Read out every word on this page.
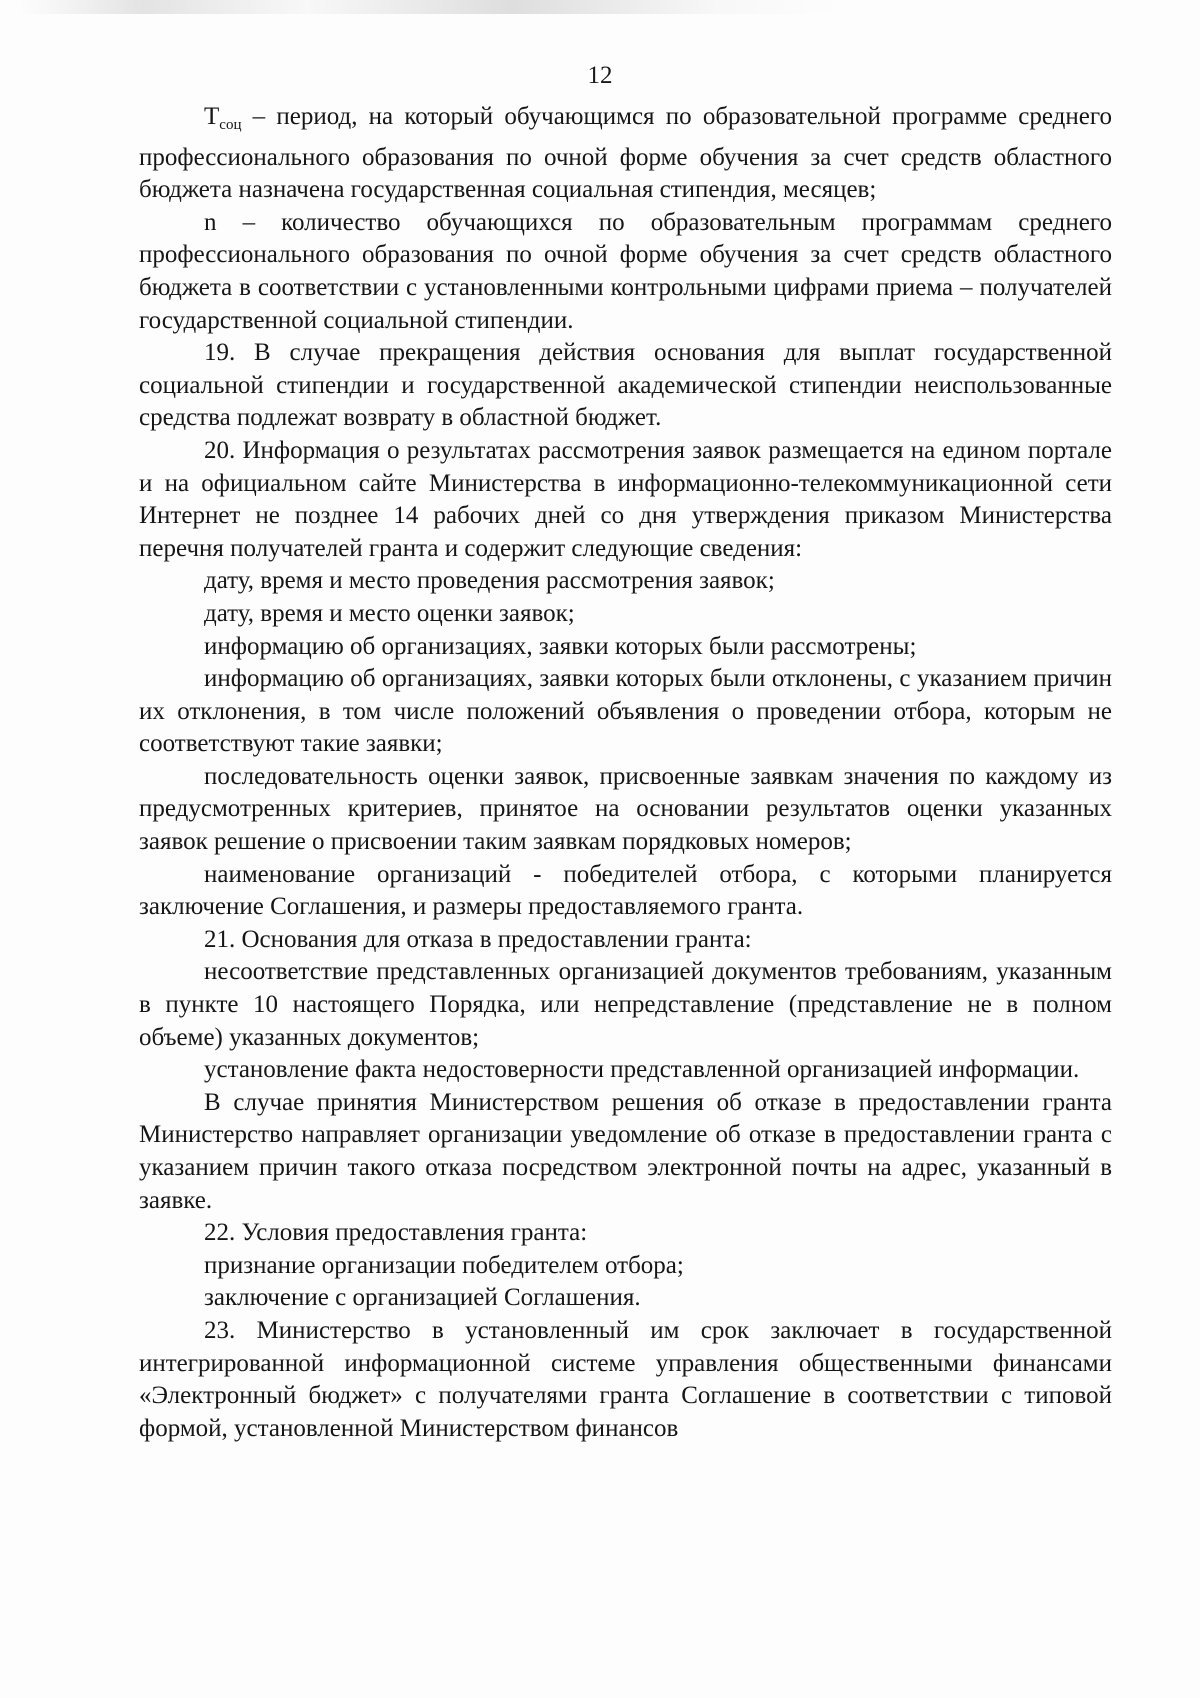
12

$T_{соц}$ – период, на который обучающимся по образовательной программе среднего профессионального образования по очной форме обучения за счет средств областного бюджета назначена государственная социальная стипендия, месяцев;

n – количество обучающихся по образовательным программам среднего профессионального образования по очной форме обучения за счет средств областного бюджета в соответствии с установленными контрольными цифрами приема – получателей государственной социальной стипендии.

19. В случае прекращения действия основания для выплат государственной социальной стипендии и государственной академической стипендии неиспользованные средства подлежат возврату в областной бюджет.

20. Информация о результатах рассмотрения заявок размещается на едином портале и на официальном сайте Министерства в информационно-телекоммуникационной сети Интернет не позднее 14 рабочих дней со дня утверждения приказом Министерства перечня получателей гранта и содержит следующие сведения:

дату, время и место проведения рассмотрения заявок;

дату, время и место оценки заявок;

информацию об организациях, заявки которых были рассмотрены;

информацию об организациях, заявки которых были отклонены, с указанием причин их отклонения, в том числе положений объявления о проведении отбора, которым не соответствуют такие заявки;

последовательность оценки заявок, присвоенные заявкам значения по каждому из предусмотренных критериев, принятое на основании результатов оценки указанных заявок решение о присвоении таким заявкам порядковых номеров;

наименование организаций - победителей отбора, с которыми планируется заключение Соглашения, и размеры предоставляемого гранта.

21. Основания для отказа в предоставлении гранта:

несоответствие представленных организацией документов требованиям, указанным в пункте 10 настоящего Порядка, или непредставление (представление не в полном объеме) указанных документов;

установление факта недостоверности представленной организацией информации.

В случае принятия Министерством решения об отказе в предоставлении гранта Министерство направляет организации уведомление об отказе в предоставлении гранта с указанием причин такого отказа посредством электронной почты на адрес, указанный в заявке.

22. Условия предоставления гранта:

признание организации победителем отбора;

заключение с организацией Соглашения.

23. Министерство в установленный им срок заключает в государственной интегрированной информационной системе управления общественными финансами «Электронный бюджет» с получателями гранта Соглашение в соответствии с типовой формой, установленной Министерством финансов
